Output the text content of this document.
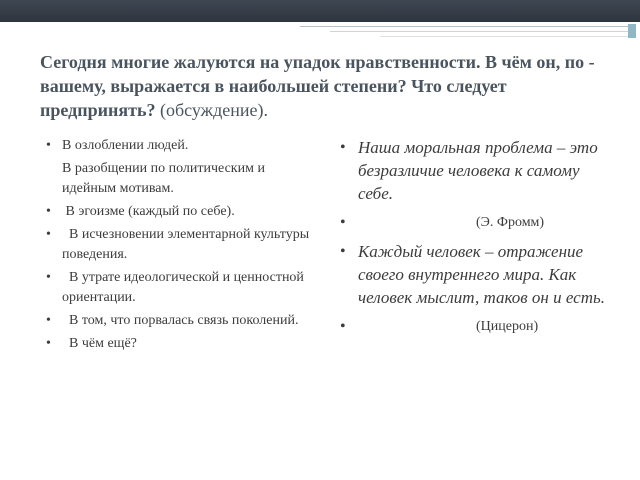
Сегодня многие жалуются на упадок нравственности. В чём он, по - вашему, выражается в наибольшей степени? Что следует предпринять? (обсуждение).
• В озлоблении людей.
В разобщении по политическим и идейным мотивам.
• В эгоизме (каждый по себе).
• В исчезновении элементарной культуры поведения.
• В утрате идеологической и ценностной ориентации.
• В том, что порвалась связь поколений.
• В чём ещё?
• Наша моральная проблема – это безразличие человека к самому себе.
•	(Э. Фромм)
• Каждый человек – отражение своего внутреннего мира. Как человек мыслит, таков он и есть.
•	(Цицерон)
